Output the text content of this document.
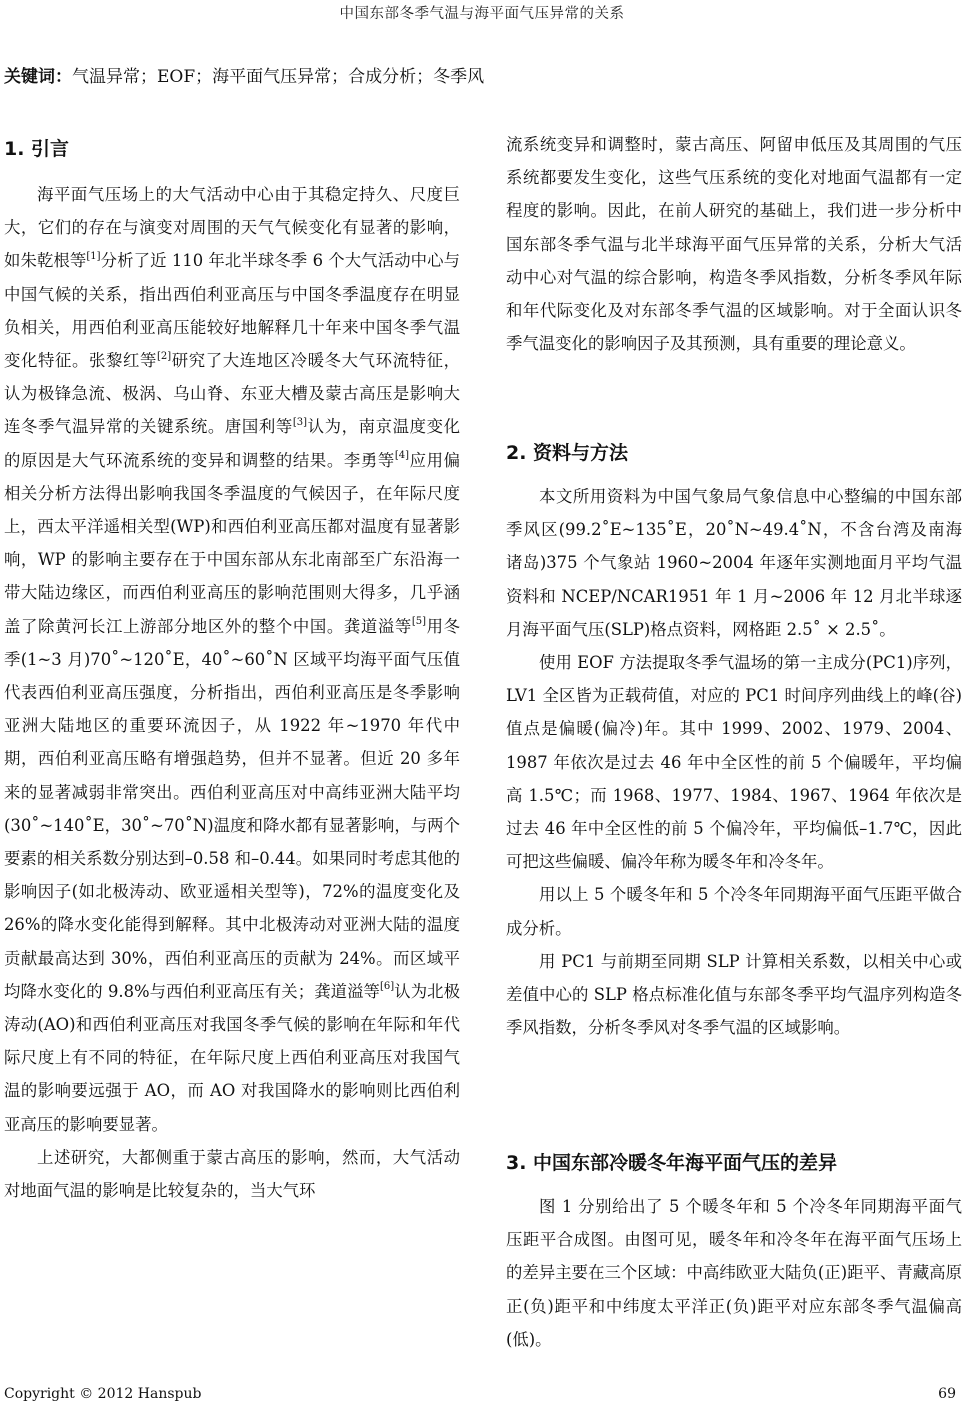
中国东部冬季气温与海平面气压异常的关系
关键词：气温异常；EOF；海平面气压异常；合成分析；冬季风
1. 引言

海平面气压场上的大气活动中心由于其稳定持久、尺度巨大，它们的存在与演变对周围的天气气候变化有显著的影响，如朱乾根等[1]分析了近 110 年北半球冬季 6 个大气活动中心与中国气候的关系，指出西伯利亚高压与中国冬季温度存在明显负相关，用西伯利亚高压能较好地解释几十年来中国冬季气温变化特征。张黎红等[2]研究了大连地区冷暖冬大气环流特征，认为极锋急流、极涡、乌山脊、东亚大槽及蒙古高压是影响大连冬季气温异常的关键系统。唐国利等[3]认为，南京温度变化的原因是大气环流系统的变异和调整的结果。李勇等[4]应用偏相关分析方法得出影响我国冬季温度的气候因子，在年际尺度上，西太平洋遥相关型(WP)和西伯利亚高压都对温度有显著影响，WP 的影响主要存在于中国东部从东北南部至广东沿海一带大陆边缘区，而西伯利亚高压的影响范围则大得多，几乎涵盖了除黄河长江上游部分地区外的整个中国。龚道溢等[5]用冬季(1~3 月)70˚~120˚E，40˚~60˚N 区域平均海平面气压值代表西伯利亚高压强度，分析指出，西伯利亚高压是冬季影响亚洲大陆地区的重要环流因子，从 1922 年~1970 年代中期，西伯利亚高压略有增强趋势，但并不显著。但近 20 多年来的显著减弱非常突出。西伯利亚高压对中高纬亚洲大陆平均(30˚~140˚E，30˚~70˚N)温度和降水都有显著影响，与两个要素的相关系数分别达到–0.58 和–0.44。如果同时考虑其他的影响因子(如北极涛动、欧亚遥相关型等)，72%的温度变化及 26%的降水变化能得到解释。其中北极涛动对亚洲大陆的温度贡献最高达到 30%，西伯利亚高压的贡献为 24%。而区域平均降水变化的 9.8%与西伯利亚高压有关；龚道溢等[6]认为北极涛动(AO)和西伯利亚高压对我国冬季气候的影响在年际和年代际尺度上有不同的特征，在年际尺度上西伯利亚高压对我国气温的影响要远强于 AO，而 AO 对我国降水的影响则比西伯利亚高压的影响要显著。

上述研究，大都侧重于蒙古高压的影响，然而，大气活动对地面气温的影响是比较复杂的，当大气环

流系统变异和调整时，蒙古高压、阿留申低压及其周围的气压系统都要发生变化，这些气压系统的变化对地面气温都有一定程度的影响。因此，在前人研究的基础上，我们进一步分析中国东部冬季气温与北半球海平面气压异常的关系，分析大气活动中心对气温的综合影响，构造冬季风指数，分析冬季风年际和年代际变化及对东部冬季气温的区域影响。对于全面认识冬季气温变化的影响因子及其预测，具有重要的理论意义。

2. 资料与方法

本文所用资料为中国气象局气象信息中心整编的中国东部季风区(99.2˚E~135˚E，20˚N~49.4˚N，不含台湾及南海诸岛)375 个气象站 1960~2004 年逐年实测地面月平均气温资料和 NCEP/NCAR1951 年 1 月~2006 年 12 月北半球逐月海平面气压(SLP)格点资料，网格距 2.5˚ × 2.5˚。

使用 EOF 方法提取冬季气温场的第一主成分(PC1)序列，LV1 全区皆为正载荷值，对应的 PC1 时间序列曲线上的峰(谷)值点是偏暖(偏冷)年。其中 1999、2002、1979、2004、1987 年依次是过去 46 年中全区性的前 5 个偏暖年，平均偏高 1.5℃；而 1968、1977、1984、1967、1964 年依次是过去 46 年中全区性的前 5 个偏冷年，平均偏低–1.7℃，因此可把这些偏暖、偏冷年称为暖冬年和冷冬年。

用以上 5 个暖冬年和 5 个冷冬年同期海平面气压距平做合成分析。

用 PC1 与前期至同期 SLP 计算相关系数，以相关中心或差值中心的 SLP 格点标准化值与东部冬季平均气温序列构造冬季风指数，分析冬季风对冬季气温的区域影响。

3. 中国东部冷暖冬年海平面气压的差异

图 1 分别给出了 5 个暖冬年和 5 个冷冬年同期海平面气压距平合成图。由图可见，暖冬年和冷冬年在海平面气压场上的差异主要在三个区域：中高纬欧亚大陆负(正)距平、青藏高原正(负)距平和中纬度太平洋正(负)距平对应东部冬季气温偏高(低)。

Copyright © 2012 Hanspub	69
